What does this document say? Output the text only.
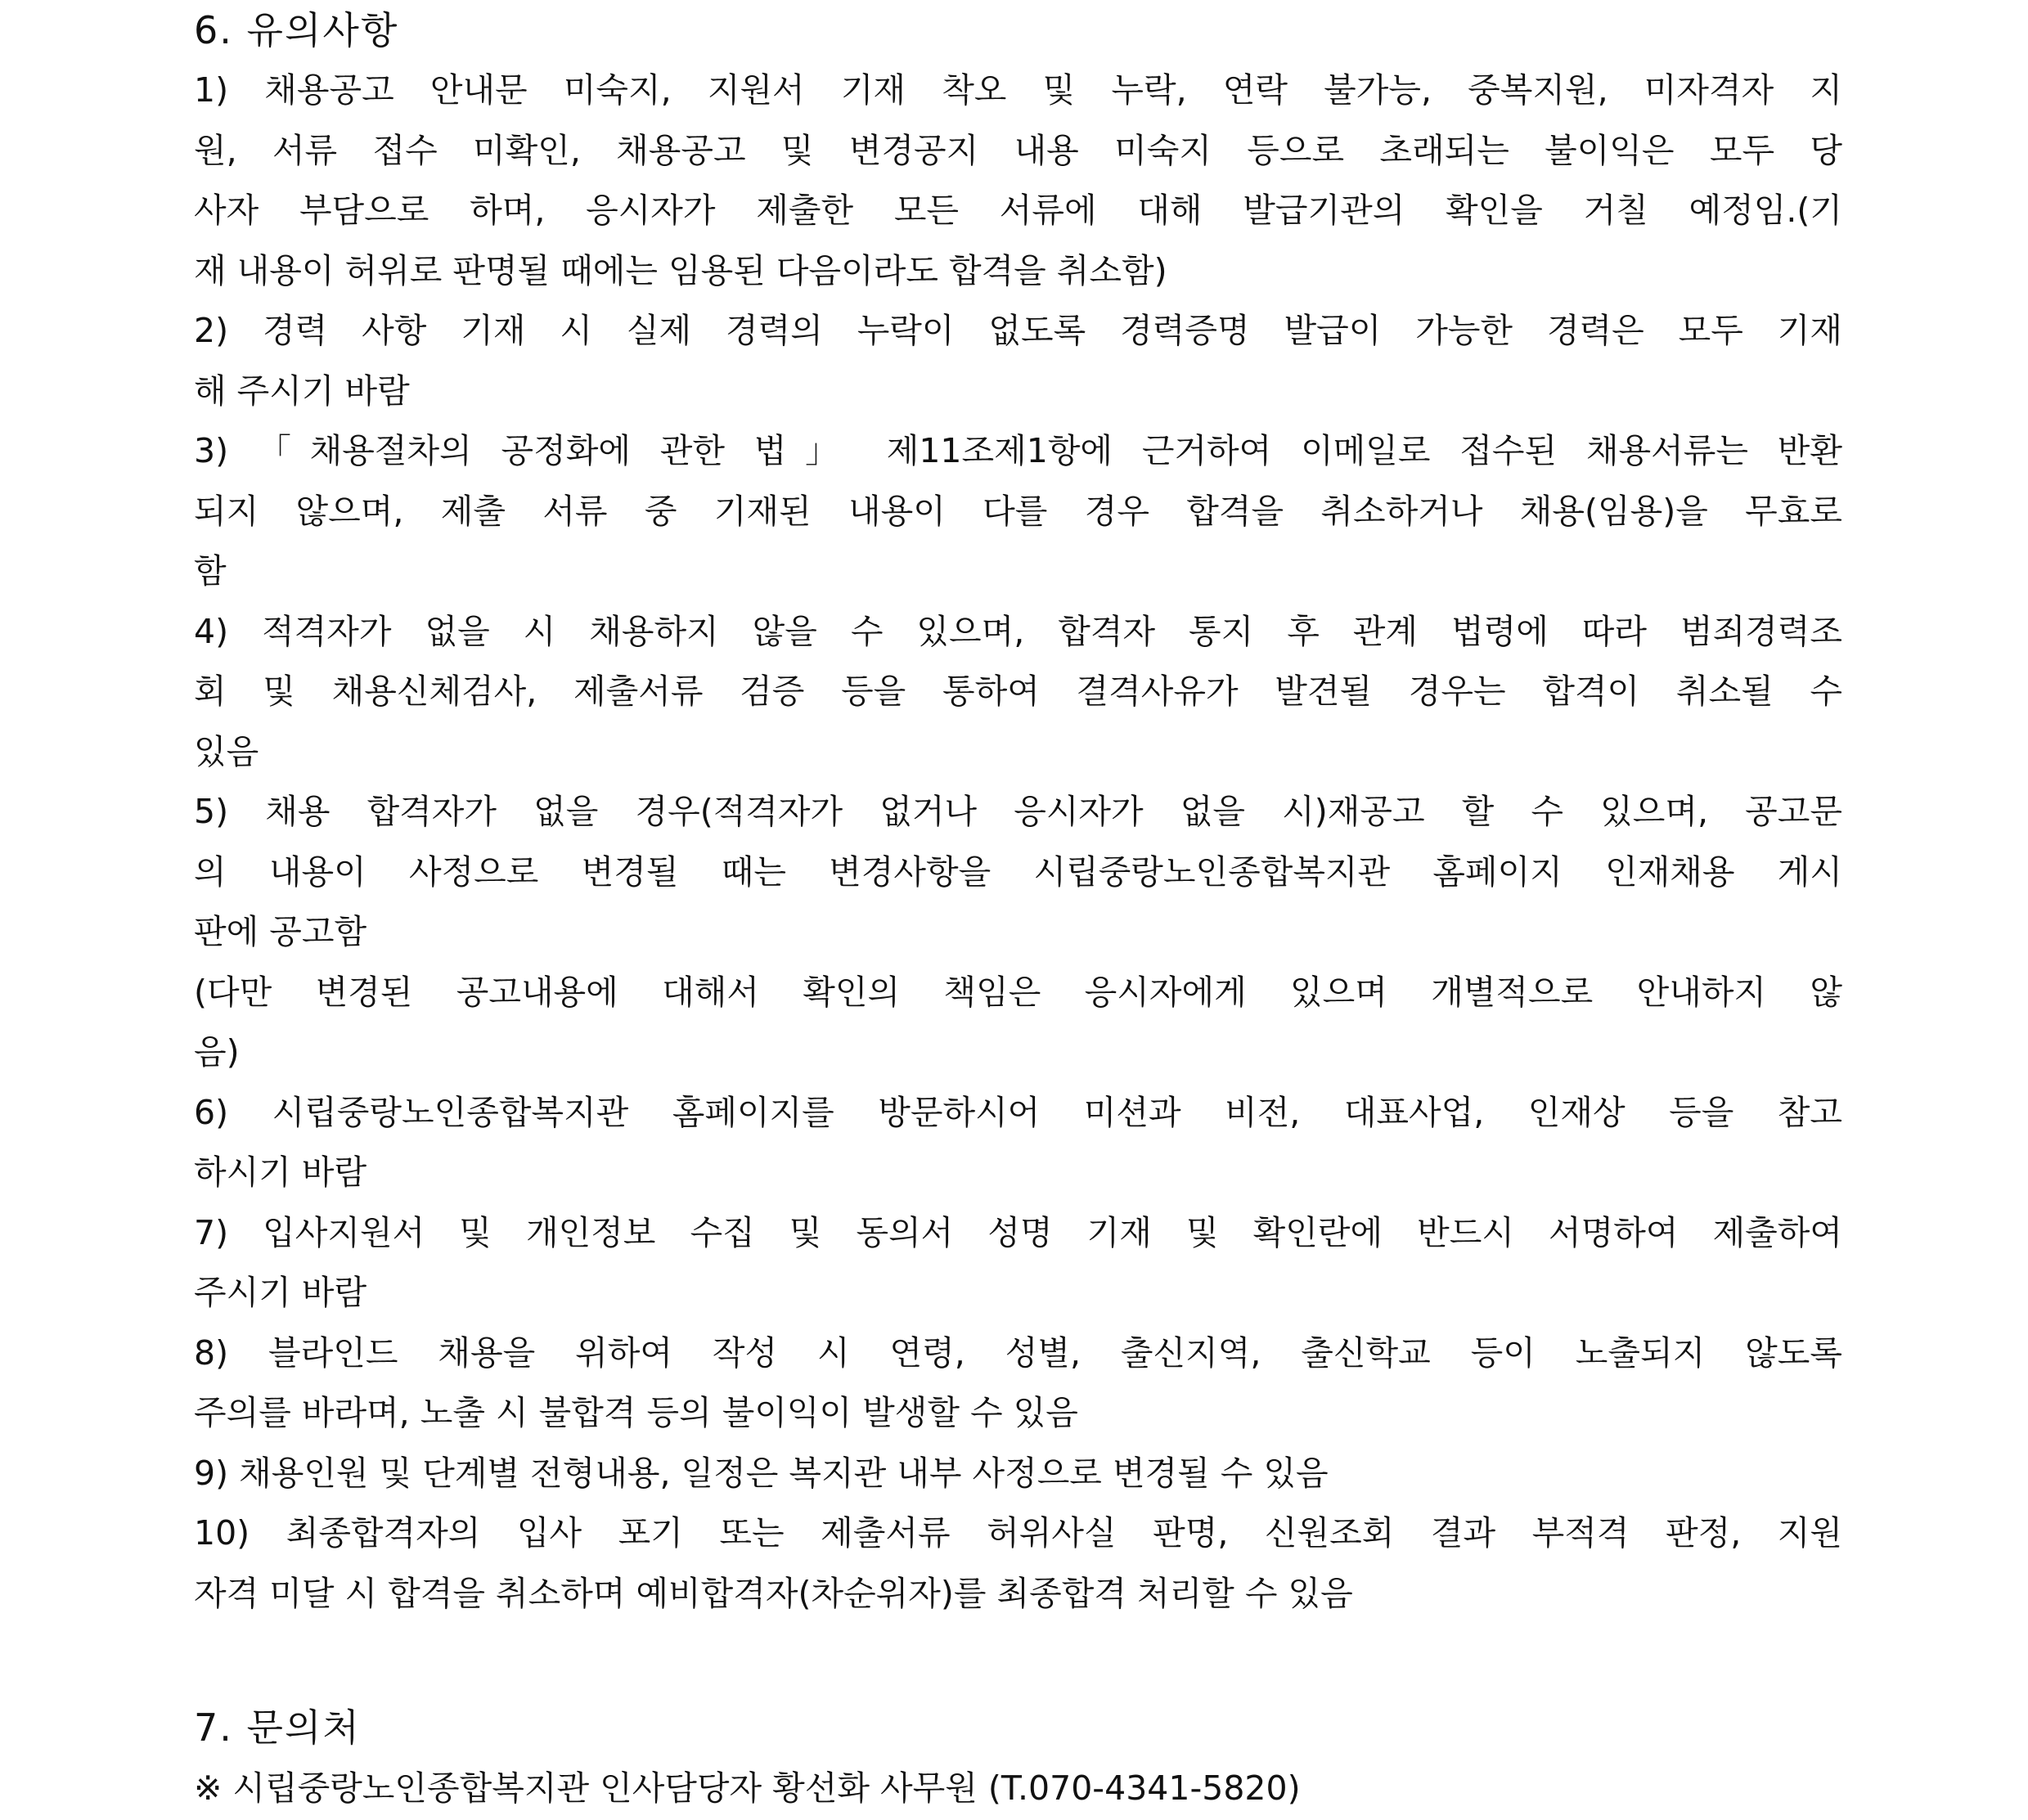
6. 유의사항
1) 채용공고 안내문 미숙지, 지원서 기재 착오 및 누락, 연락 불가능, 중복지원, 미자격자 지
원, 서류 접수 미확인, 채용공고 및 변경공지 내용 미숙지 등으로 초래되는 불이익은 모두 당
사자 부담으로 하며, 응시자가 제출한 모든 서류에 대해 발급기관의 확인을 거칠 예정임.(기
재 내용이 허위로 판명될 때에는 임용된 다음이라도 합격을 취소함)
2) 경력 사항 기재 시 실제 경력의 누락이 없도록 경력증명 발급이 가능한 경력은 모두 기재
해 주시기 바람
3) 「채용절차의 공정화에 관한 법」 제11조제1항에 근거하여 이메일로 접수된 채용서류는 반환
되지 않으며, 제출 서류 중 기재된 내용이 다를 경우 합격을 취소하거나 채용(임용)을 무효로
함
4) 적격자가 없을 시 채용하지 않을 수 있으며, 합격자 통지 후 관계 법령에 따라 범죄경력조
회 및 채용신체검사, 제출서류 검증 등을 통하여 결격사유가 발견될 경우는 합격이 취소될 수
있음
5) 채용 합격자가 없을 경우(적격자가 없거나 응시자가 없을 시)재공고 할 수 있으며, 공고문
의 내용이 사정으로 변경될 때는 변경사항을 시립중랑노인종합복지관 홈페이지 인재채용 게시
판에 공고함
(다만 변경된 공고내용에 대해서 확인의 책임은 응시자에게 있으며 개별적으로 안내하지 않
음)
6) 시립중랑노인종합복지관 홈페이지를 방문하시어 미션과 비전, 대표사업, 인재상 등을 참고
하시기 바람
7) 입사지원서 및 개인정보 수집 및 동의서 성명 기재 및 확인란에 반드시 서명하여 제출하여
주시기 바람
8) 블라인드 채용을 위하여 작성 시 연령, 성별, 출신지역, 출신학교 등이 노출되지 않도록
주의를 바라며, 노출 시 불합격 등의 불이익이 발생할 수 있음
9) 채용인원 및 단계별 전형내용, 일정은 복지관 내부 사정으로 변경될 수 있음
10) 최종합격자의 입사 포기 또는 제출서류 허위사실 판명, 신원조회 결과 부적격 판정, 지원
자격 미달 시 합격을 취소하며 예비합격자(차순위자)를 최종합격 처리할 수 있음
7. 문의처
※ 시립중랑노인종합복지관 인사담당자 황선화 사무원 (T.070-4341-5820)
